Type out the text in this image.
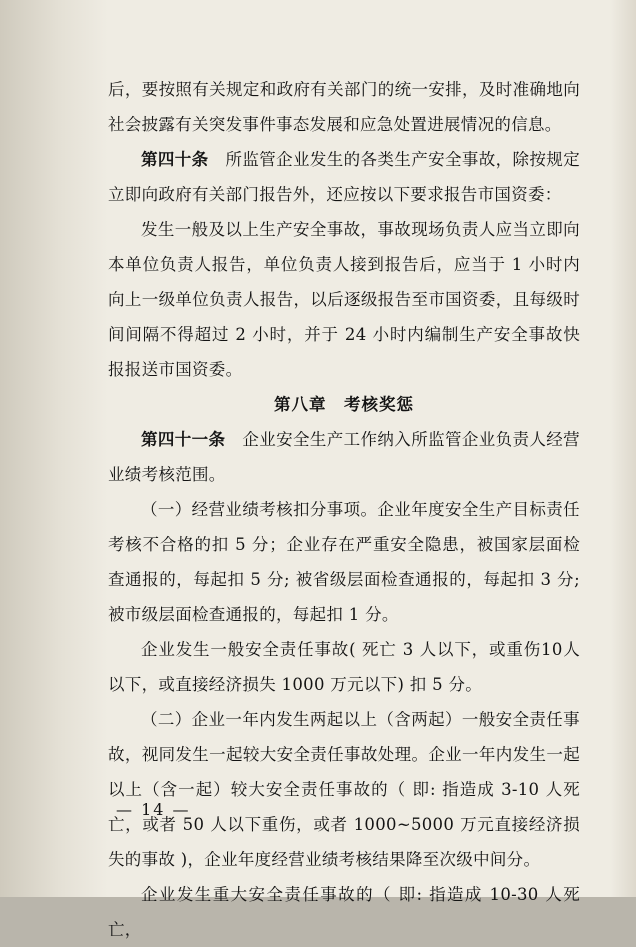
后，要按照有关规定和政府有关部门的统一安排，及时准确地向社会披露有关突发事件事态发展和应急处置进展情况的信息。

第四十条　所监管企业发生的各类生产安全事故，除按规定立即向政府有关部门报告外，还应按以下要求报告市国资委：

发生一般及以上生产安全事故，事故现场负责人应当立即向本单位负责人报告，单位负责人接到报告后，应当于 1 小时内向上一级单位负责人报告，以后逐级报告至市国资委，且每级时间间隔不得超过 2 小时，并于 24 小时内编制生产安全事故快报报送市国资委。

第八章　考核奖惩

第四十一条　企业安全生产工作纳入所监管企业负责人经营业绩考核范围。

（一）经营业绩考核扣分事项。企业年度安全生产目标责任考核不合格的扣 5 分；企业存在严重安全隐患，被国家层面检查通报的，每起扣 5 分; 被省级层面检查通报的，每起扣 3 分; 被市级层面检查通报的，每起扣 1 分。

企业发生一般安全责任事故( 死亡 3 人以下，或重伤10人以下，或直接经济损失 1000 万元以下) 扣 5 分。

（二）企业一年内发生两起以上（含两起）一般安全责任事故，视同发生一起较大安全责任事故处理。企业一年内发生一起以上（含一起）较大安全责任事故的（ 即: 指造成 3-10 人死亡，或者 50 人以下重伤，或者 1000~5000 万元直接经济损失的事故 )，企业年度经营业绩考核结果降至次级中间分。

企业发生重大安全责任事故的（ 即: 指造成 10-30 人死亡，

— 14 —
